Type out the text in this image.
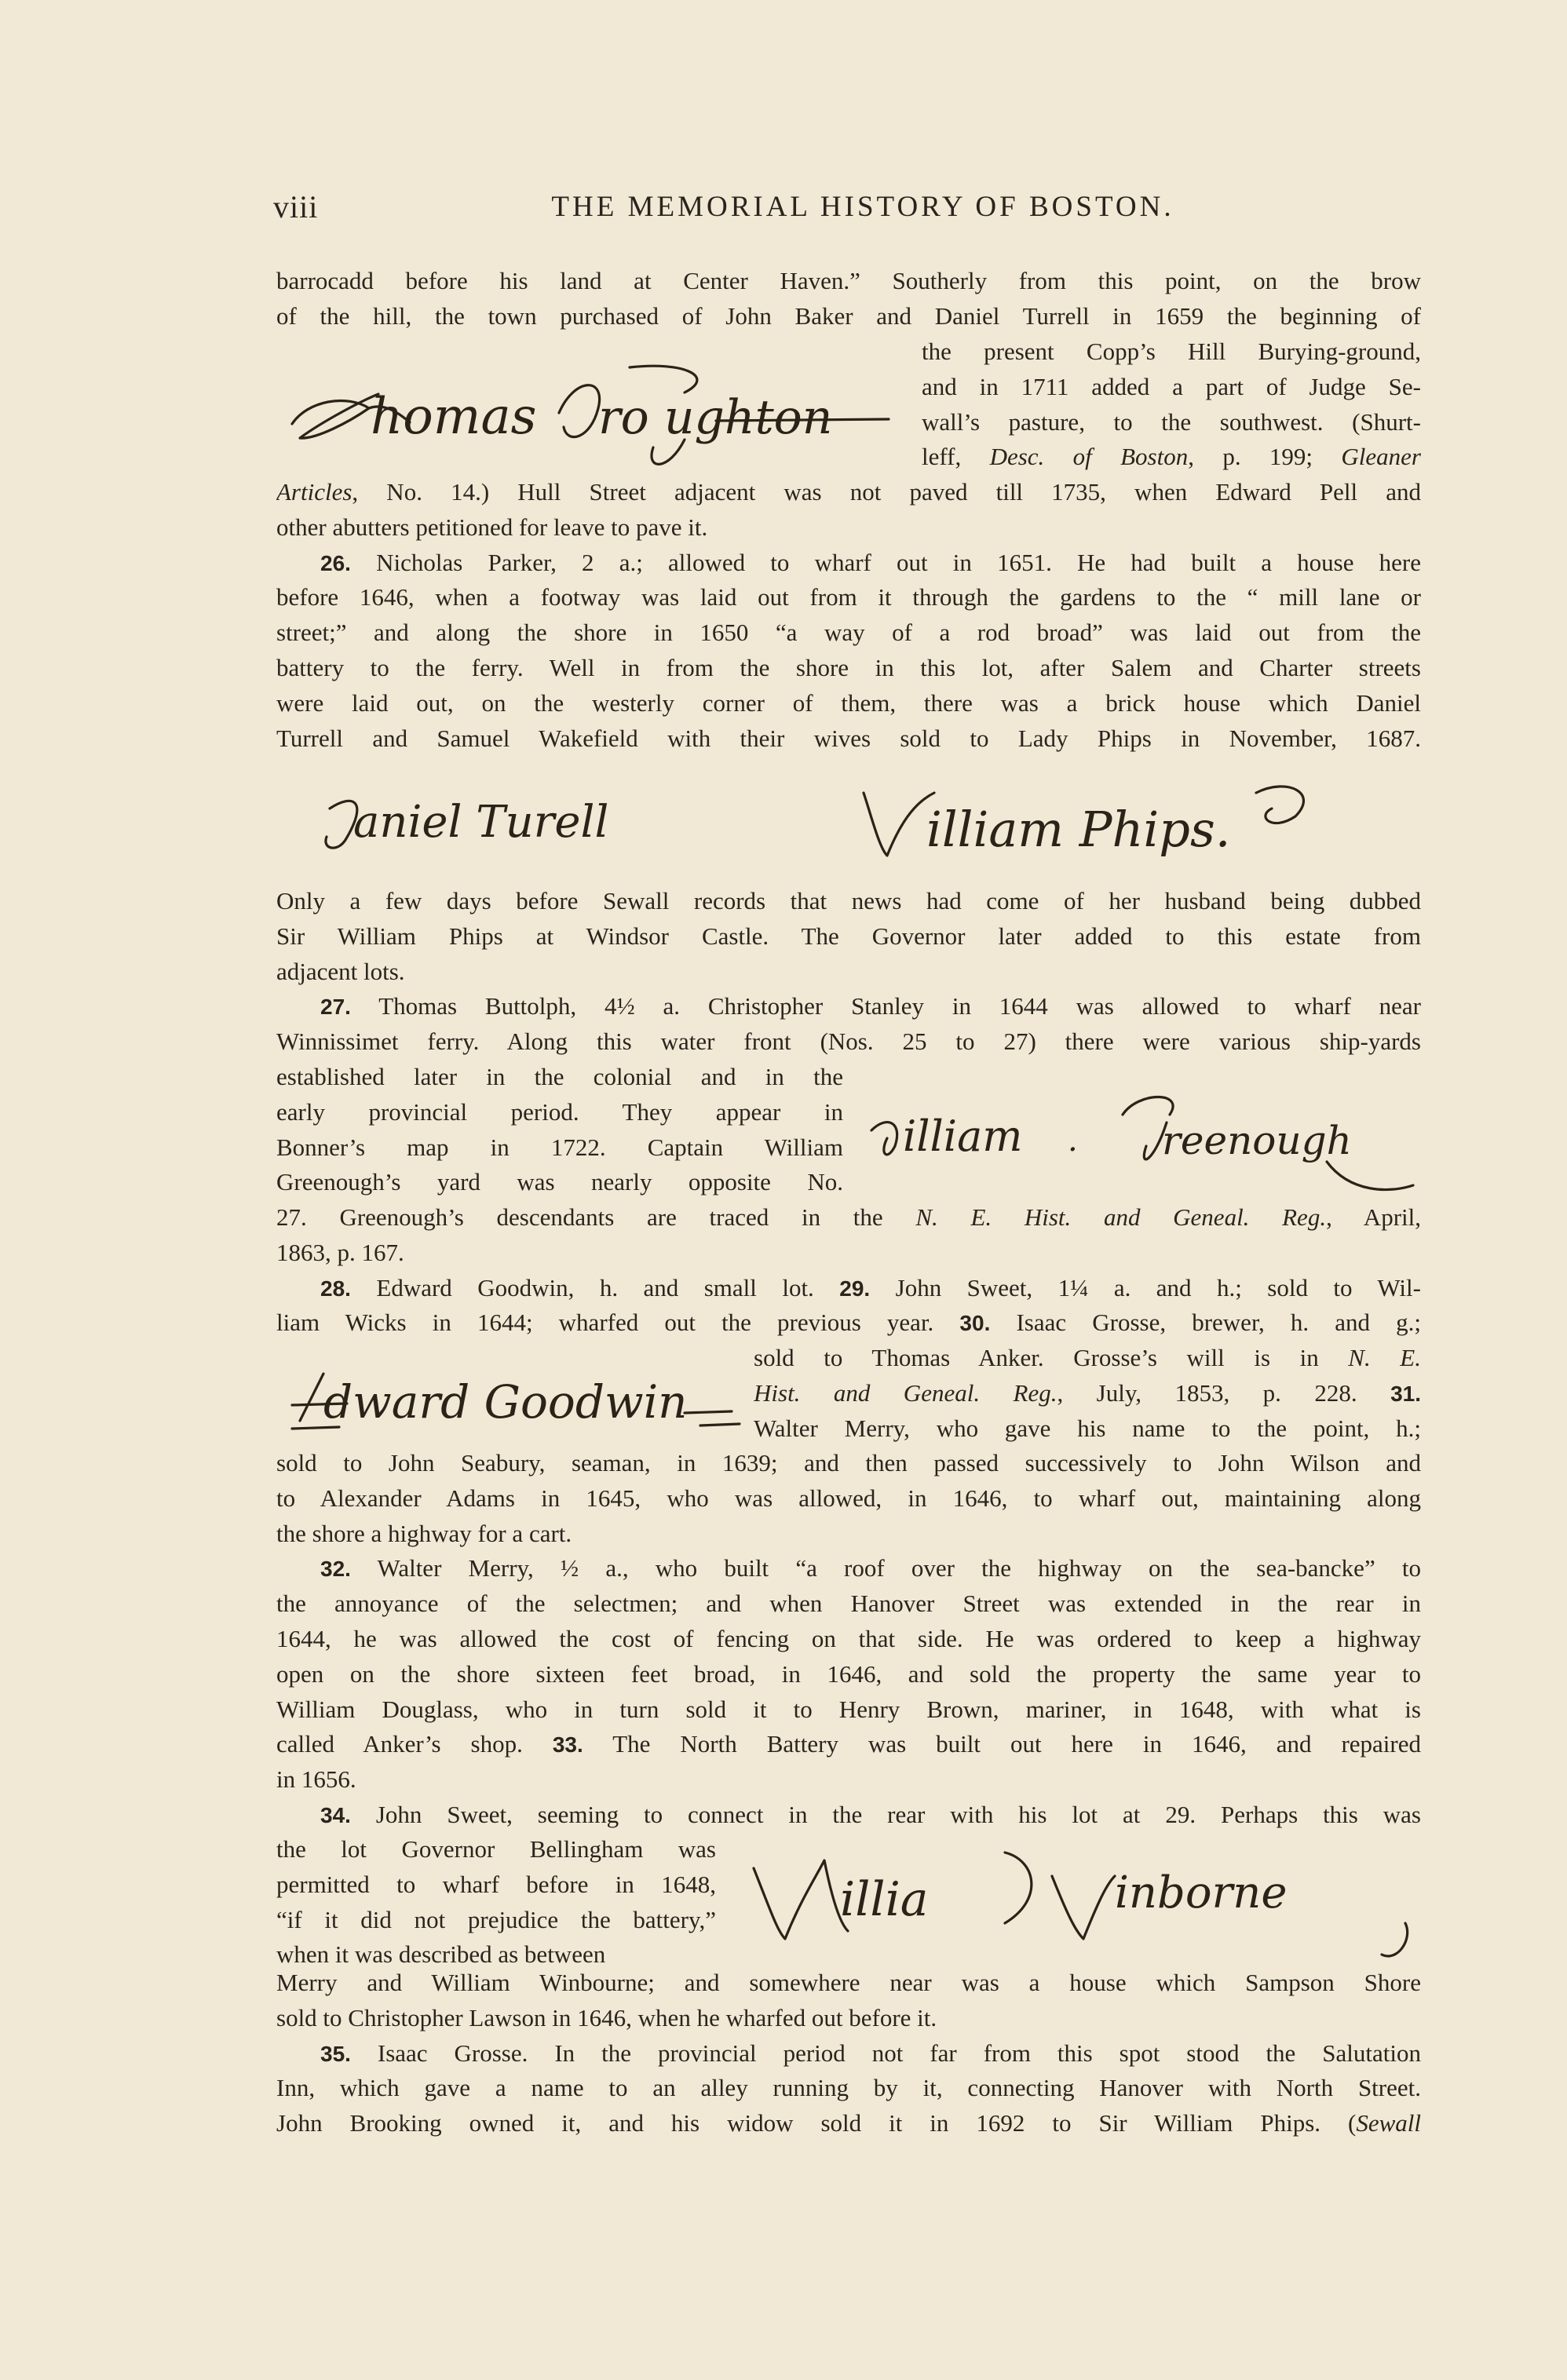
viii	THE MEMORIAL HISTORY OF BOSTON.
barrocadd before his land at Center Haven.” Southerly from this point, on the brow
of the hill, the town purchased of John Baker and Daniel Turrell in 1659 the beginning of
homas ro ughton
the present Copp’s Hill Burying-ground,
and in 1711 added a part of Judge Se-
wall’s pasture, to the southwest. (Shurt-
leff, Desc. of Boston, p. 199; Gleaner
Articles, No. 14.) Hull Street adjacent was not paved till 1735, when Edward Pell and
other abutters petitioned for leave to pave it.
26. Nicholas Parker, 2 a.; allowed to wharf out in 1651. He had built a house here
before 1646, when a footway was laid out from it through the gardens to the “ mill lane or
street;” and along the shore in 1650 “a way of a rod broad” was laid out from the
battery to the ferry. Well in from the shore in this lot, after Salem and Charter streets
were laid out, on the westerly corner of them, there was a brick house which Daniel
Turrell and Samuel Wakefield with their wives sold to Lady Phips in November, 1687.
aniel Turell	illiam Phips.
Only a few days before Sewall records that news had come of her husband being dubbed
Sir William Phips at Windsor Castle. The Governor later added to this estate from
adjacent lots.
27. Thomas Buttolph, 4½ a. Christopher Stanley in 1644 was allowed to wharf near
Winnissimet ferry. Along this water front (Nos. 25 to 27) there were various ship-yards
established later in the colonial and in the
early provincial period. They appear in
Bonner’s map in 1722. Captain William
Greenough’s yard was nearly opposite No.
illiam . reenough
27. Greenough’s descendants are traced in the N. E. Hist. and Geneal. Reg., April,
1863, p. 167.
28. Edward Goodwin, h. and small lot. 29. John Sweet, 1¼ a. and h.; sold to Wil-
liam Wicks in 1644; wharfed out the previous year. 30. Isaac Grosse, brewer, h. and g.;
dward Goodwin
sold to Thomas Anker. Grosse’s will is in N. E.
Hist. and Geneal. Reg., July, 1853, p. 228. 31.
Walter Merry, who gave his name to the point, h.;
sold to John Seabury, seaman, in 1639; and then passed successively to John Wilson and
to Alexander Adams in 1645, who was allowed, in 1646, to wharf out, maintaining along
the shore a highway for a cart.
32. Walter Merry, ½ a., who built “a roof over the highway on the sea-bancke” to
the annoyance of the selectmen; and when Hanover Street was extended in the rear in
1644, he was allowed the cost of fencing on that side. He was ordered to keep a highway
open on the shore sixteen feet broad, in 1646, and sold the property the same year to
William Douglass, who in turn sold it to Henry Brown, mariner, in 1648, with what is
called Anker’s shop. 33. The North Battery was built out here in 1646, and repaired
in 1656.
34. John Sweet, seeming to connect in the rear with his lot at 29. Perhaps this was
the lot Governor Bellingham was
permitted to wharf before in 1648,
“if it did not prejudice the battery,”
when it was described as between
illia	inborne
Merry and William Winbourne; and somewhere near was a house which Sampson Shore
sold to Christopher Lawson in 1646, when he wharfed out before it.
35. Isaac Grosse. In the provincial period not far from this spot stood the Salutation
Inn, which gave a name to an alley running by it, connecting Hanover with North Street.
John Brooking owned it, and his widow sold it in 1692 to Sir William Phips. (Sewall
